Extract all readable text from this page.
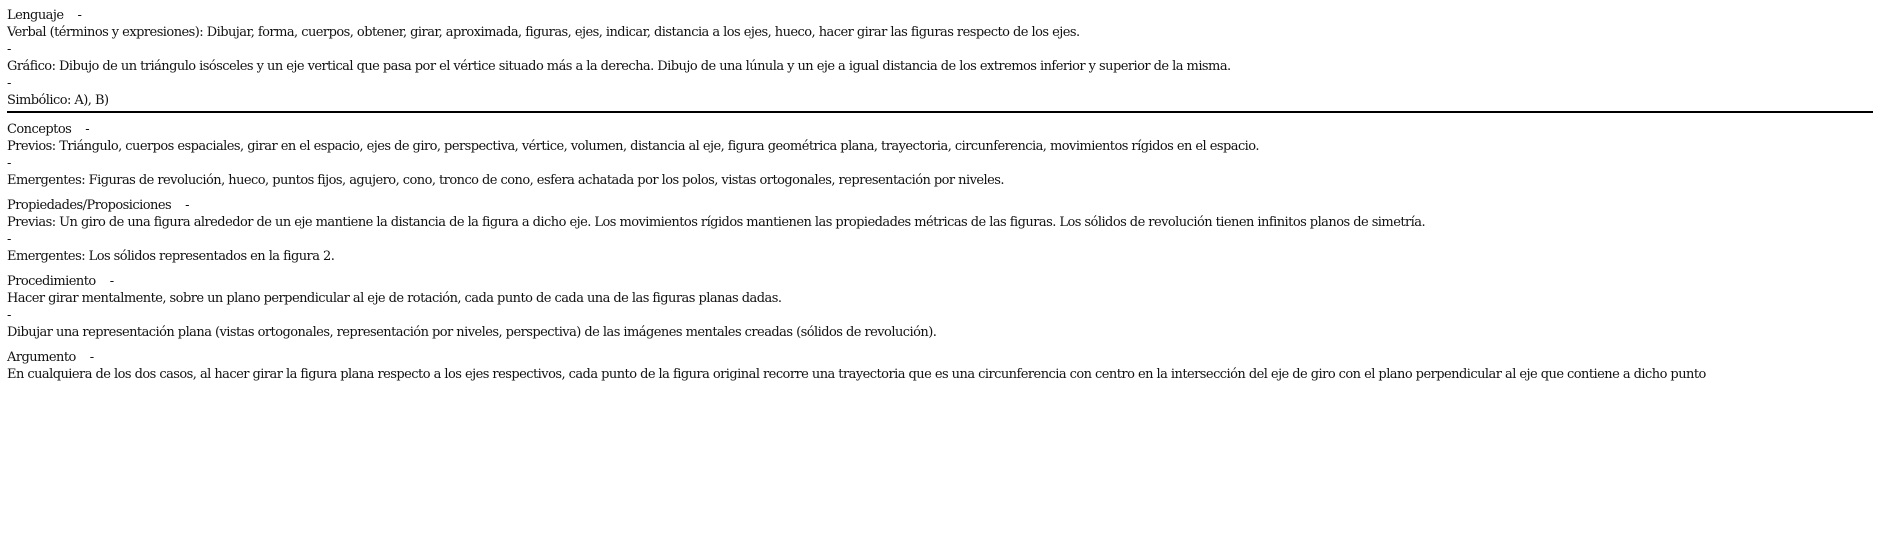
Lenguaje -
Verbal (términos y expresiones): Dibujar, forma, cuerpos, obtener, girar, aproximada, figuras, ejes, indicar, distancia a los ejes, hueco, hacer girar las figuras respecto de los ejes.
-
Gráfico: Dibujo de un triángulo isósceles y un eje vertical que pasa por el vértice situado más a la derecha. Dibujo de una lúnula y un eje a igual distancia de los extremos inferior y superior de la misma.
-
Simbólico: A), B)
Conceptos -
Previos: Triángulo, cuerpos espaciales, girar en el espacio, ejes de giro, perspectiva, vértice, volumen, distancia al eje, figura geométrica plana, trayectoria, circunferencia, movimientos rígidos en el espacio.
-
Emergentes: Figuras de revolución, hueco, puntos fijos, agujero, cono, tronco de cono, esfera achatada por los polos, vistas ortogonales, representación por niveles.
Propiedades/Proposiciones -
Previas: Un giro de una figura alrededor de un eje mantiene la distancia de la figura a dicho eje. Los movimientos rígidos mantienen las propiedades métricas de las figuras. Los sólidos de revolución tienen infinitos planos de simetría.
-
Emergentes: Los sólidos representados en la figura 2.
Procedimiento -
Hacer girar mentalmente, sobre un plano perpendicular al eje de rotación, cada punto de cada una de las figuras planas dadas.
-
Dibujar una representación plana (vistas ortogonales, representación por niveles, perspectiva) de las imágenes mentales creadas (sólidos de revolución).
Argumento -
En cualquiera de los dos casos, al hacer girar la figura plana respecto a los ejes respectivos, cada punto de la figura original recorre una trayectoria que es una circunferencia con centro en la intersección del eje de giro con el plano perpendicular al eje que contiene a dicho punto
